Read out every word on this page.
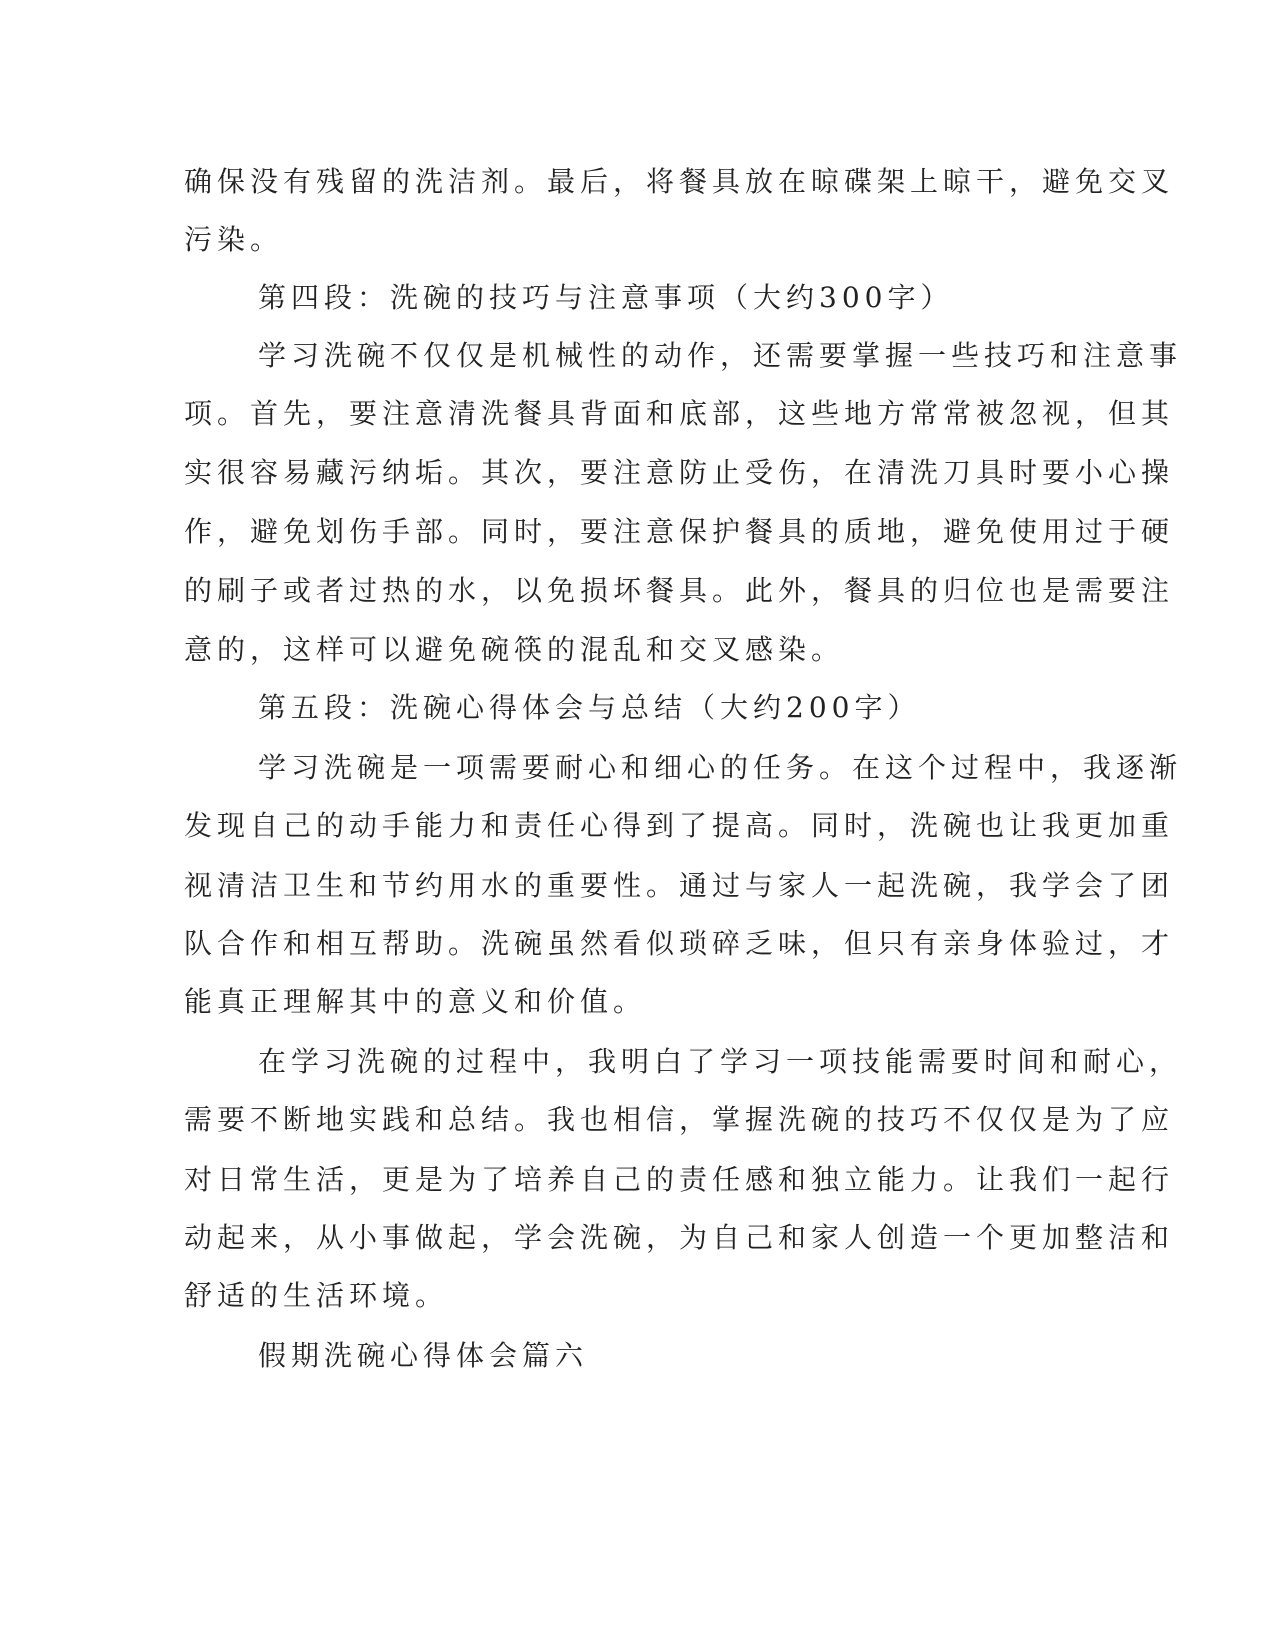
确保没有残留的洗洁剂。最后，将餐具放在晾碟架上晾干，避免交叉
污染。
第四段：洗碗的技巧与注意事项（大约300字）
学习洗碗不仅仅是机械性的动作，还需要掌握一些技巧和注意事
项。首先，要注意清洗餐具背面和底部，这些地方常常被忽视，但其
实很容易藏污纳垢。其次，要注意防止受伤，在清洗刀具时要小心操
作，避免划伤手部。同时，要注意保护餐具的质地，避免使用过于硬
的刷子或者过热的水，以免损坏餐具。此外，餐具的归位也是需要注
意的，这样可以避免碗筷的混乱和交叉感染。
第五段：洗碗心得体会与总结（大约200字）
学习洗碗是一项需要耐心和细心的任务。在这个过程中，我逐渐
发现自己的动手能力和责任心得到了提高。同时，洗碗也让我更加重
视清洁卫生和节约用水的重要性。通过与家人一起洗碗，我学会了团
队合作和相互帮助。洗碗虽然看似琐碎乏味，但只有亲身体验过，才
能真正理解其中的意义和价值。
在学习洗碗的过程中，我明白了学习一项技能需要时间和耐心，
需要不断地实践和总结。我也相信，掌握洗碗的技巧不仅仅是为了应
对日常生活，更是为了培养自己的责任感和独立能力。让我们一起行
动起来，从小事做起，学会洗碗，为自己和家人创造一个更加整洁和
舒适的生活环境。
假期洗碗心得体会篇六
